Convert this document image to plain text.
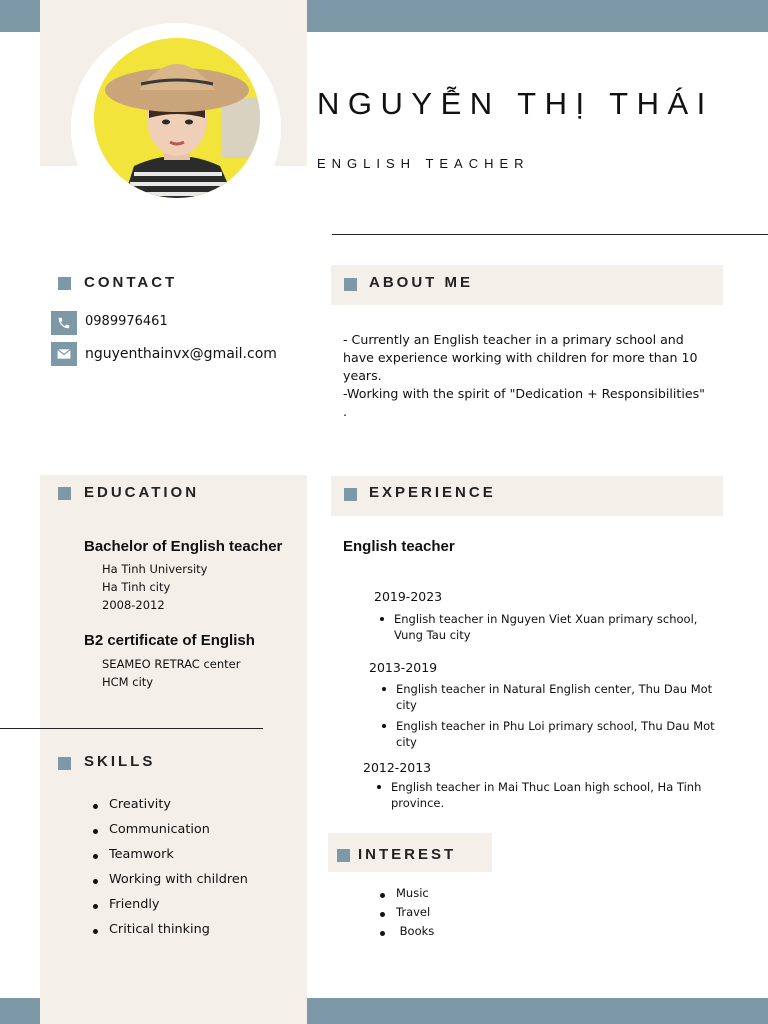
NGUYỄN THỊ THÁI
ENGLISH TEACHER
CONTACT
0989976461
nguyenthainvx@gmail.com
ABOUT ME
- Currently an English teacher in a primary school and
have experience working with children for more than 10
years.
-Working with the spirit of "Dedication + Responsibilities"
.
EDUCATION
Bachelor of English teacher
Ha Tinh University
Ha Tinh city
2008-2012
B2 certificate of English
SEAMEO RETRAC center
HCM city
SKILLS
Creativity
Communication
Teamwork
Working with children
Friendly
Critical thinking
EXPERIENCE
English teacher
2019-2023
English teacher in Nguyen Viet Xuan primary school,
Vung Tau city
2013-2019
English teacher in Natural English center, Thu Dau Mot
city
English teacher in Phu Loi primary school, Thu Dau Mot
city
2012-2013
English teacher in Mai Thuc Loan high school, Ha Tinh
province.
INTEREST
Music
Travel
Books
